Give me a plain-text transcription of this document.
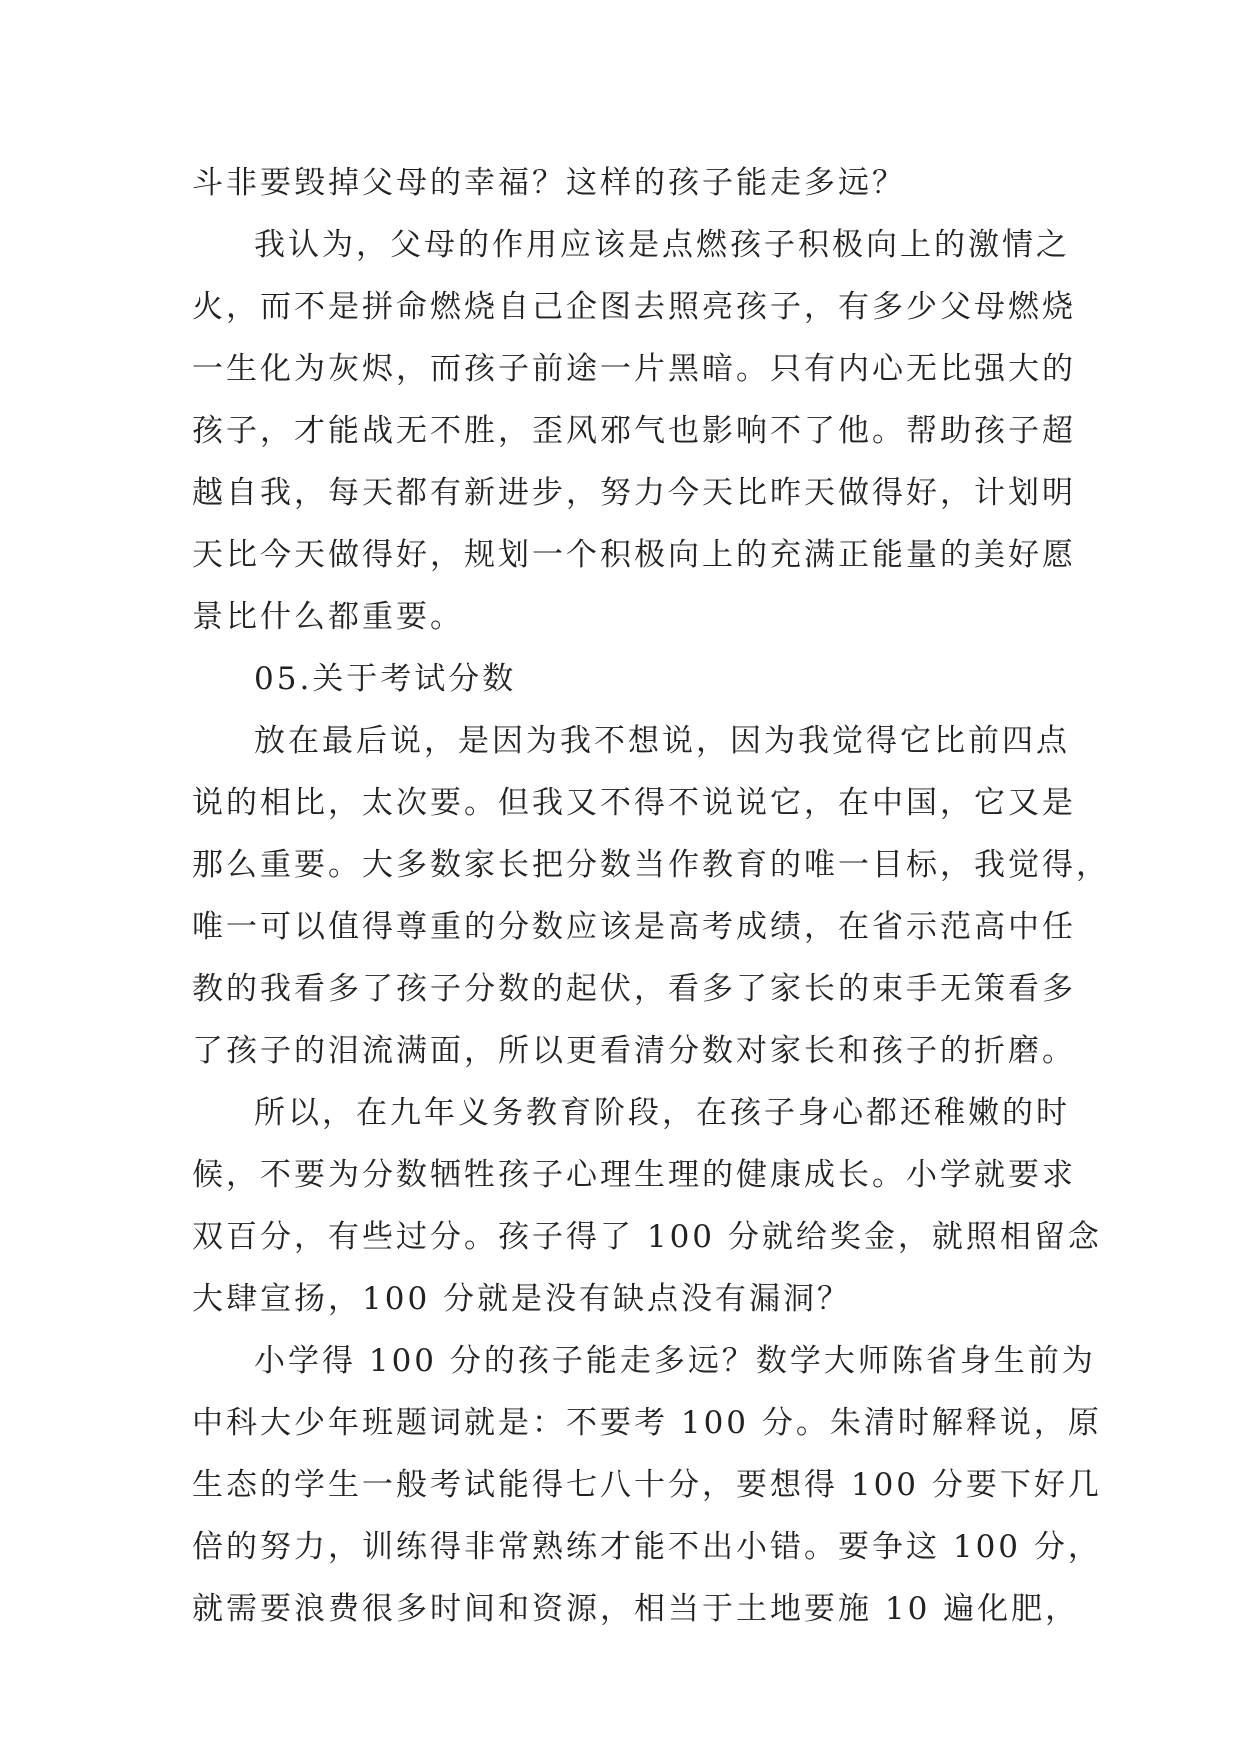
斗非要毁掉父母的幸福？这样的孩子能走多远？
我认为，父母的作用应该是点燃孩子积极向上的激情之
火，而不是拼命燃烧自己企图去照亮孩子，有多少父母燃烧
一生化为灰烬，而孩子前途一片黑暗。只有内心无比强大的
孩子，才能战无不胜，歪风邪气也影响不了他。帮助孩子超
越自我，每天都有新进步，努力今天比昨天做得好，计划明
天比今天做得好，规划一个积极向上的充满正能量的美好愿
景比什么都重要。
05.关于考试分数
放在最后说，是因为我不想说，因为我觉得它比前四点
说的相比，太次要。但我又不得不说说它，在中国，它又是
那么重要。大多数家长把分数当作教育的唯一目标，我觉得，
唯一可以值得尊重的分数应该是高考成绩，在省示范高中任
教的我看多了孩子分数的起伏，看多了家长的束手无策看多
了孩子的泪流满面，所以更看清分数对家长和孩子的折磨。
所以，在九年义务教育阶段，在孩子身心都还稚嫩的时
候，不要为分数牺牲孩子心理生理的健康成长。小学就要求
双百分，有些过分。孩子得了 100 分就给奖金，就照相留念
大肆宣扬，100 分就是没有缺点没有漏洞？
小学得 100 分的孩子能走多远？数学大师陈省身生前为
中科大少年班题词就是：不要考 100 分。朱清时解释说，原
生态的学生一般考试能得七八十分，要想得 100 分要下好几
倍的努力，训练得非常熟练才能不出小错。要争这 100 分，
就需要浪费很多时间和资源，相当于土地要施 10 遍化肥，
